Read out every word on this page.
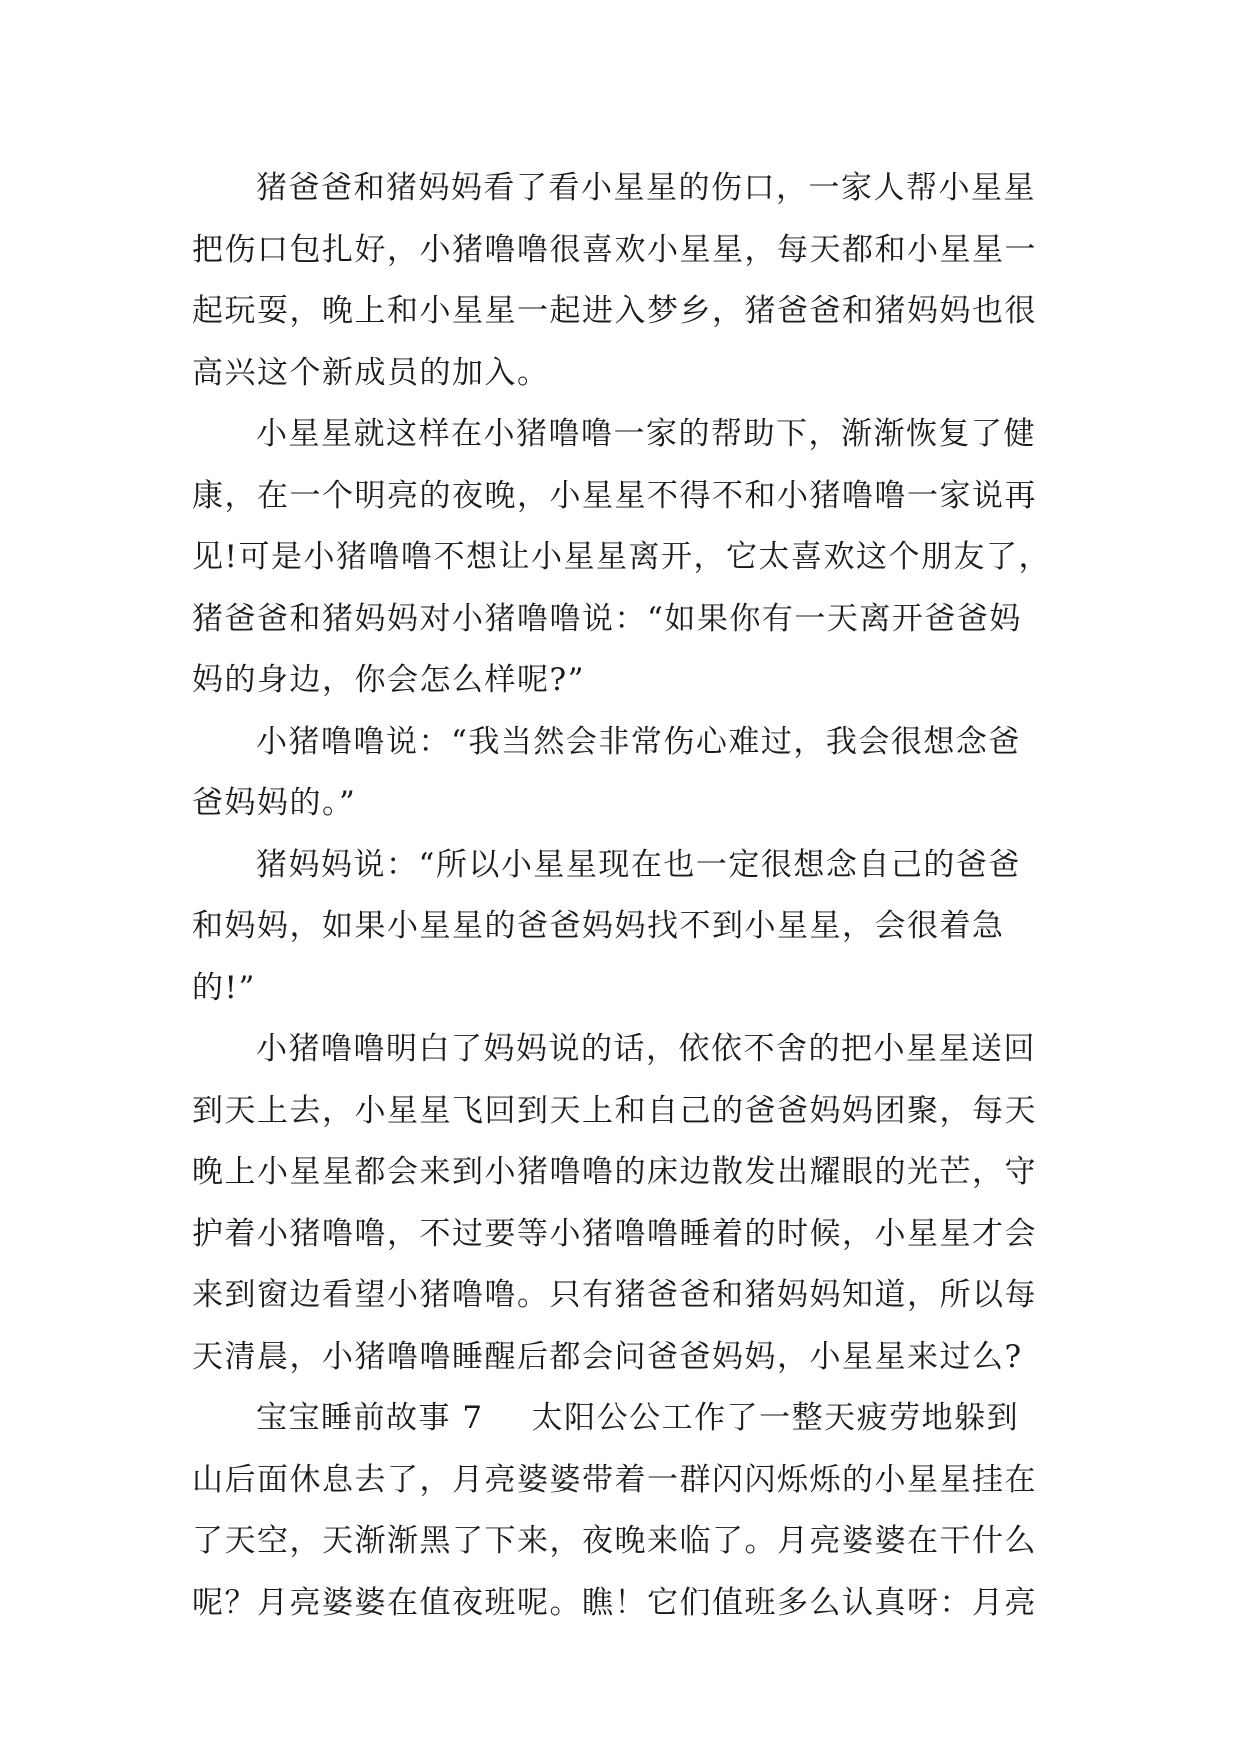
猪爸爸和猪妈妈看了看小星星的伤口，一家人帮小星星
把伤口包扎好，小猪噜噜很喜欢小星星，每天都和小星星一
起玩耍，晚上和小星星一起进入梦乡，猪爸爸和猪妈妈也很
高兴这个新成员的加入。
小星星就这样在小猪噜噜一家的帮助下，渐渐恢复了健
康，在一个明亮的夜晚，小星星不得不和小猪噜噜一家说再
见!可是小猪噜噜不想让小星星离开，它太喜欢这个朋友了，
猪爸爸和猪妈妈对小猪噜噜说：“如果你有一天离开爸爸妈
妈的身边，你会怎么样呢?”
小猪噜噜说：“我当然会非常伤心难过，我会很想念爸
爸妈妈的。”
猪妈妈说：“所以小星星现在也一定很想念自己的爸爸
和妈妈，如果小星星的爸爸妈妈找不到小星星，会很着急
的!”
小猪噜噜明白了妈妈说的话，依依不舍的把小星星送回
到天上去，小星星飞回到天上和自己的爸爸妈妈团聚，每天
晚上小星星都会来到小猪噜噜的床边散发出耀眼的光芒，守
护着小猪噜噜，不过要等小猪噜噜睡着的时候，小星星才会
来到窗边看望小猪噜噜。只有猪爸爸和猪妈妈知道，所以每
天清晨，小猪噜噜睡醒后都会问爸爸妈妈，小星星来过么?
宝宝睡前故事 7 太阳公公工作了一整天疲劳地躲到
山后面休息去了，月亮婆婆带着一群闪闪烁烁的小星星挂在
了天空，天渐渐黑了下来，夜晚来临了。月亮婆婆在干什么
呢？月亮婆婆在值夜班呢。瞧！它们值班多么认真呀：月亮
